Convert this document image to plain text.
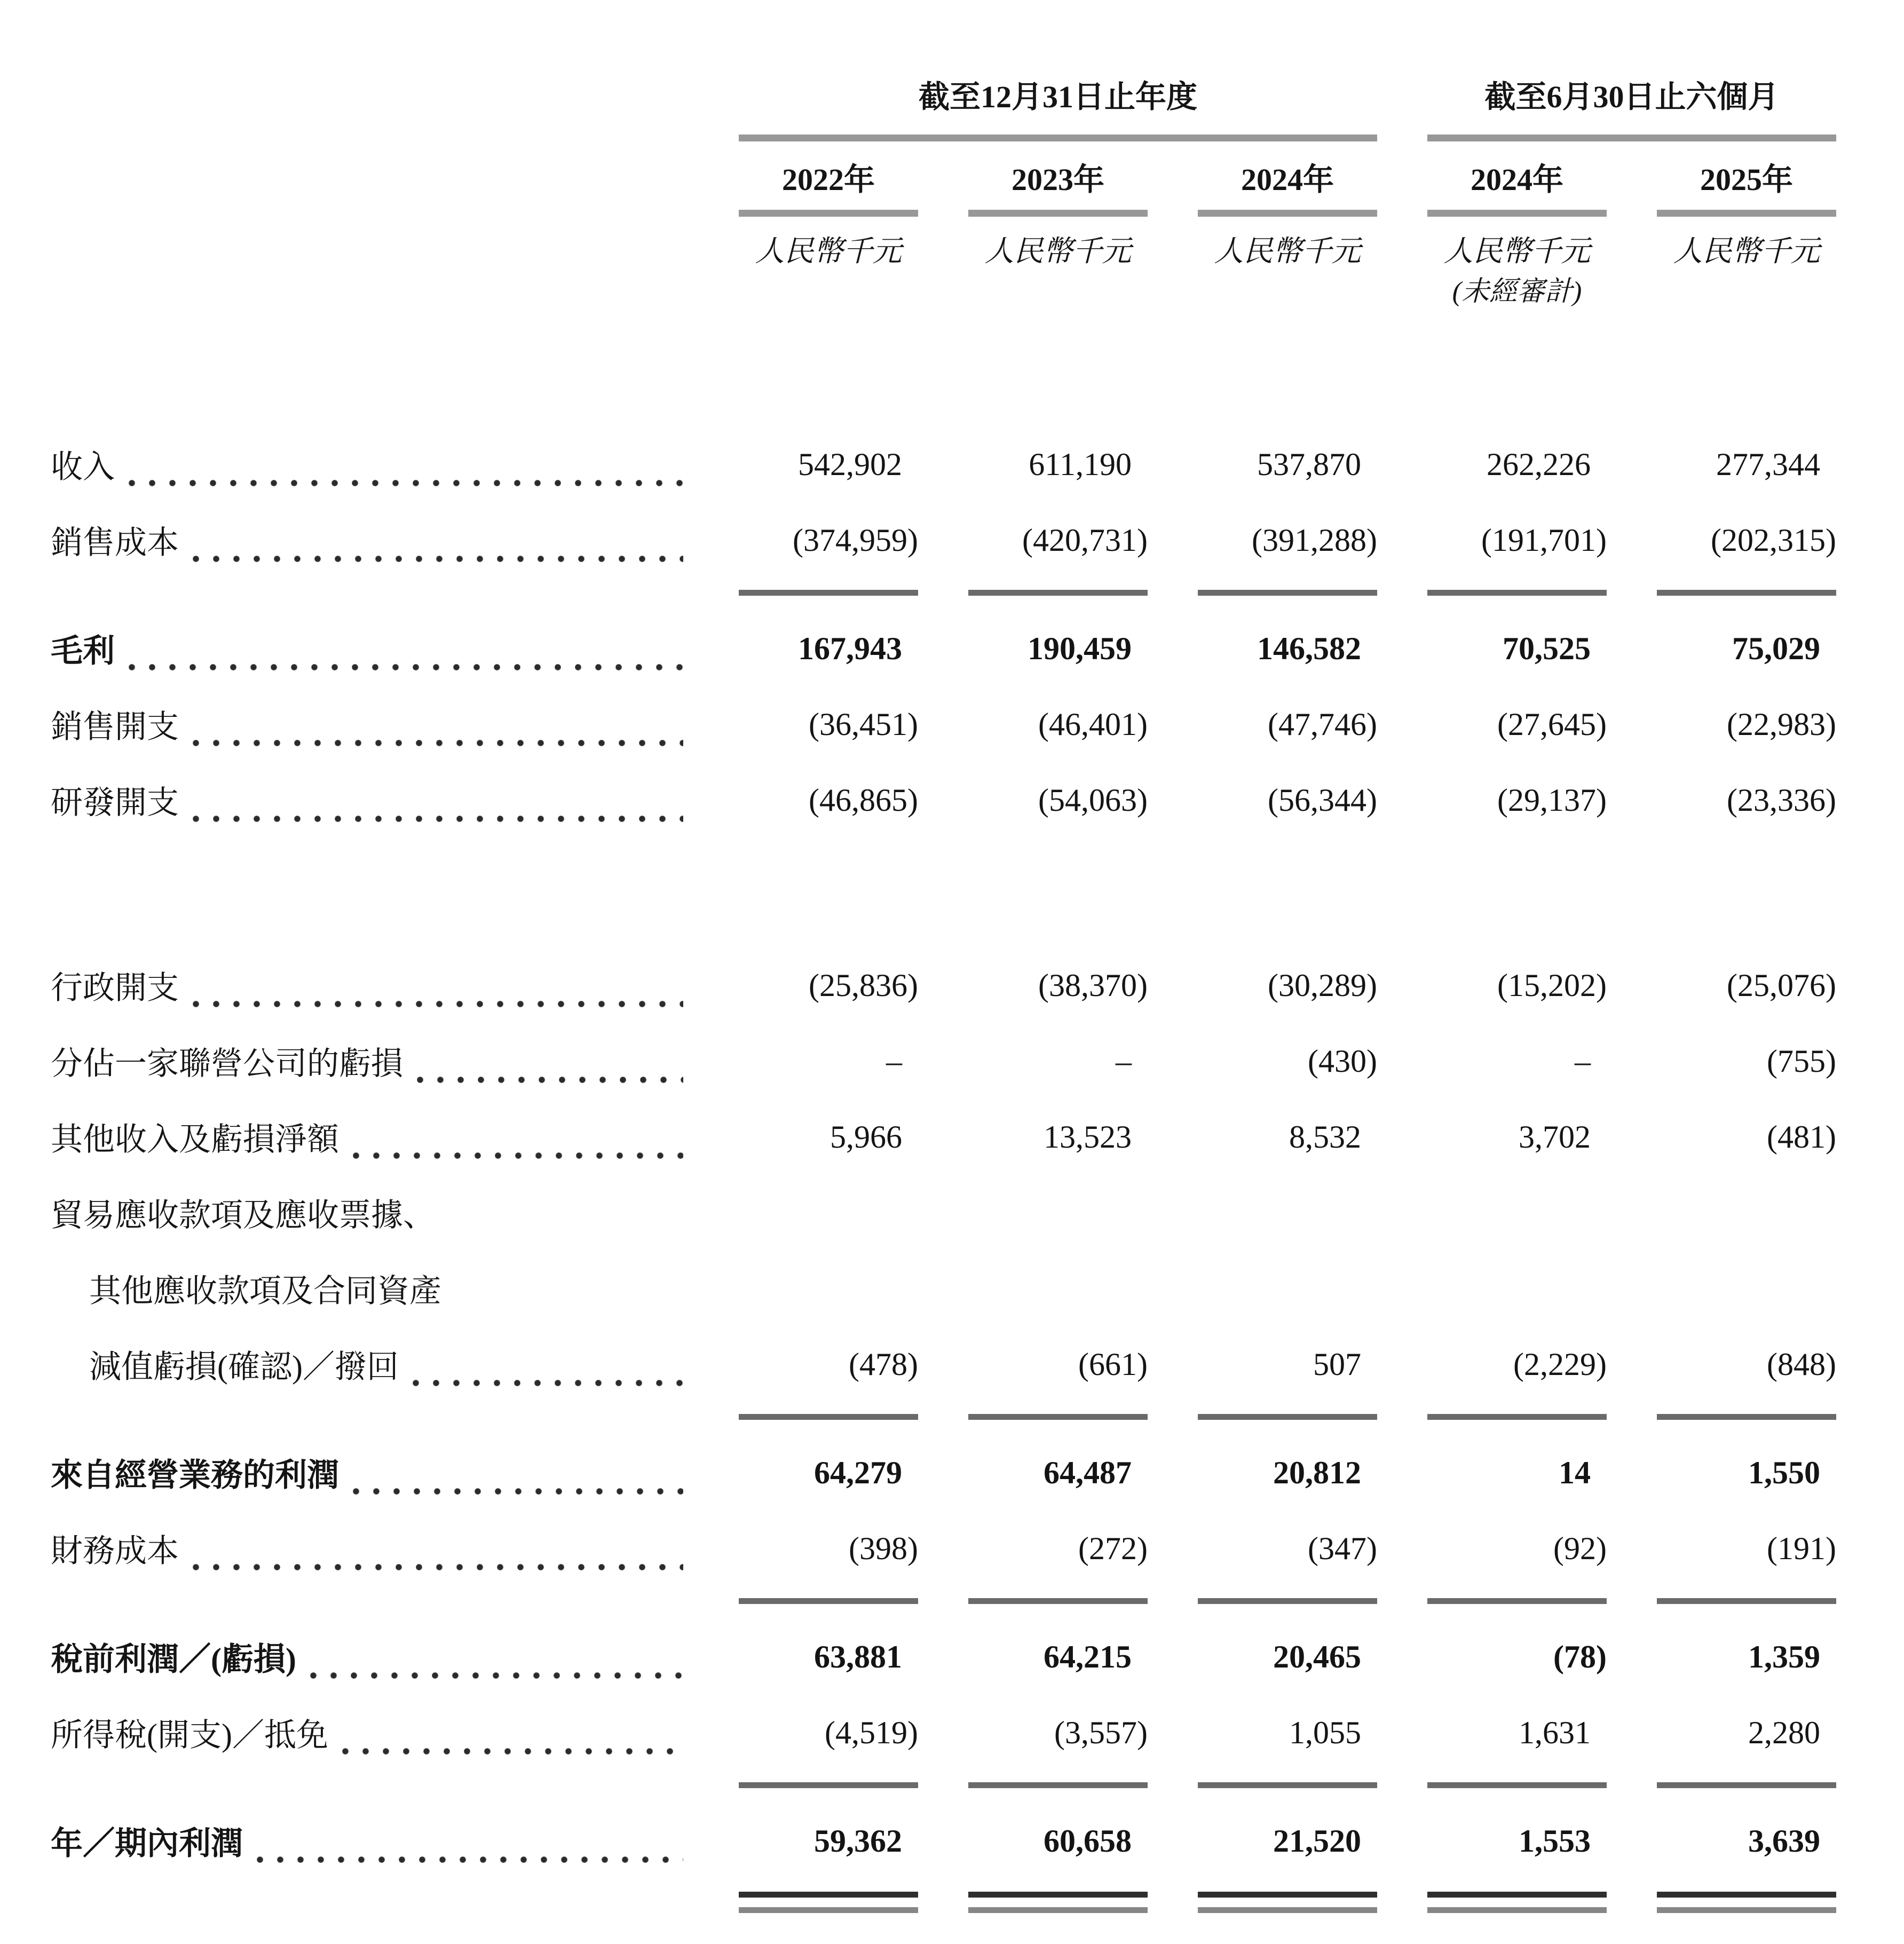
截至12月31日止年度	截至6月30日止六個月
2022年	2023年	2024年	2024年	2025年
人民幣千元	人民幣千元	人民幣千元	人民幣千元	人民幣千元
(未經審計)
收入	542,902	611,190	537,870	262,226	277,344
銷售成本	(374,959)	(420,731)	(391,288)	(191,701)	(202,315)
毛利	167,943	190,459	146,582	70,525	75,029
銷售開支	(36,451)	(46,401)	(47,746)	(27,645)	(22,983)
研發開支	(46,865)	(54,063)	(56,344)	(29,137)	(23,336)
行政開支	(25,836)	(38,370)	(30,289)	(15,202)	(25,076)
分佔一家聯營公司的虧損	–	–	(430)	–	(755)
其他收入及虧損淨額	5,966	13,523	8,532	3,702	(481)
貿易應收款項及應收票據、
其他應收款項及合同資產
減值虧損(確認)／撥回	(478)	(661)	507	(2,229)	(848)
來自經營業務的利潤	64,279	64,487	20,812	14	1,550
財務成本	(398)	(272)	(347)	(92)	(191)
稅前利潤／(虧損)	63,881	64,215	20,465	(78)	1,359
所得稅(開支)／抵免	(4,519)	(3,557)	1,055	1,631	2,280
年／期內利潤	59,362	60,658	21,520	1,553	3,639
